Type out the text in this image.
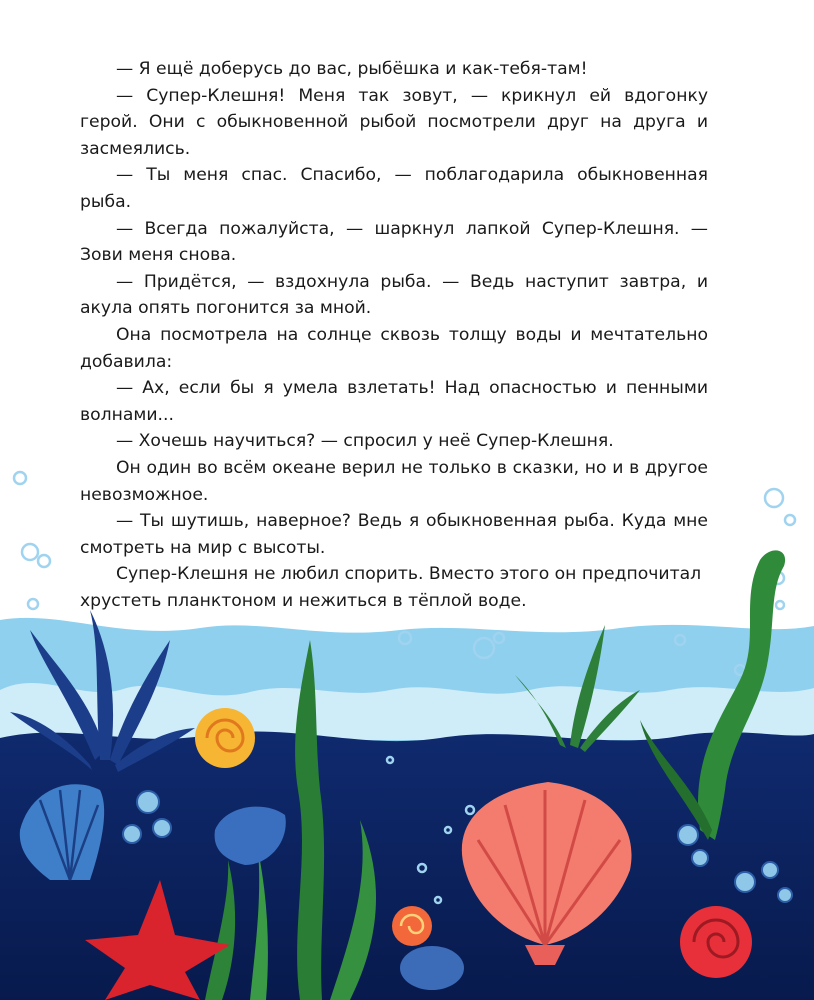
— Я ещё доберусь до вас, рыбёшка и как-тебя-там!

— Супер-Клешня! Меня так зовут, — крикнул ей вдогонку герой. Они с обыкновенной рыбой посмотрели друг на друга и засмеялись.

— Ты меня спас. Спасибо, — поблагодарила обыкновенная рыба.

— Всегда пожалуйста, — шаркнул лапкой Супер-Клешня. — Зови меня снова.

— Придётся, — вздохнула рыба. — Ведь наступит завтра, и акула опять погонится за мной.

Она посмотрела на солнце сквозь толщу воды и мечтательно добавила:

— Ах, если бы я умела взлетать! Над опасностью и пенными волнами...

— Хочешь научиться? — спросил у неё Супер-Клешня.

Он один во всём океане верил не только в сказки, но и в другое невозможное.

— Ты шутишь, наверное? Ведь я обыкновенная рыба. Куда мне смотреть на мир с высоты.

Супер-Клешня не любил спорить. Вместо этого он предпочитал хрустеть планктоном и нежиться в тёплой воде.
